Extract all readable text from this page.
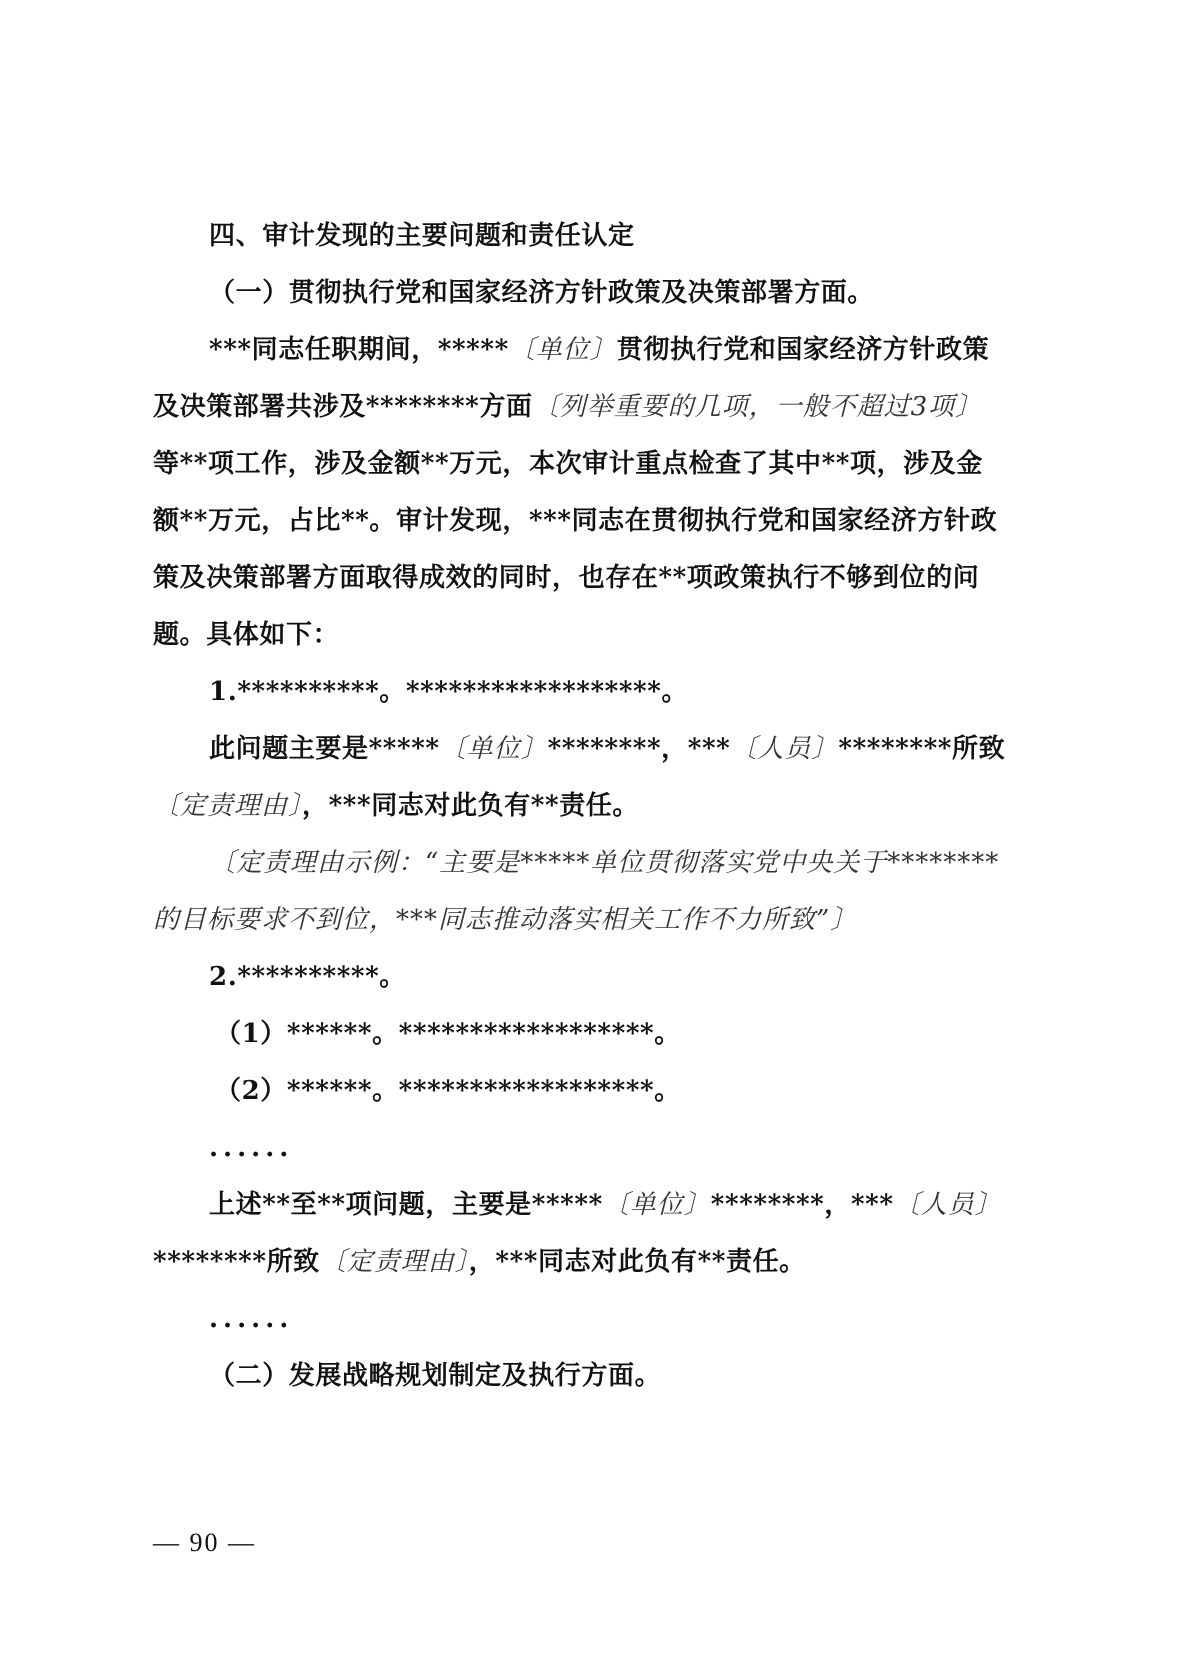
四、审计发现的主要问题和责任认定
（一）贯彻执行党和国家经济方针政策及决策部署方面。
***同志任职期间，*****〔单位〕贯彻执行党和国家经济方针政策
及决策部署共涉及********方面〔列举重要的几项，一般不超过3项〕
等**项工作，涉及金额**万元，本次审计重点检查了其中**项，涉及金
额**万元，占比**。审计发现，***同志在贯彻执行党和国家经济方针政
策及决策部署方面取得成效的同时，也存在**项政策执行不够到位的问
题。具体如下：
1.**********。******************。
此问题主要是*****〔单位〕********，***〔人员〕********所致
〔定责理由〕，***同志对此负有**责任。
〔定责理由示例：“主要是*****单位贯彻落实党中央关于********
的目标要求不到位，***同志推动落实相关工作不力所致”〕
2.**********。
（1）******。******************。
（2）******。******************。
......
上述**至**项问题，主要是*****〔单位〕********，***〔人员〕
********所致〔定责理由〕，***同志对此负有**责任。
......
（二）发展战略规划制定及执行方面。
— 90 —
